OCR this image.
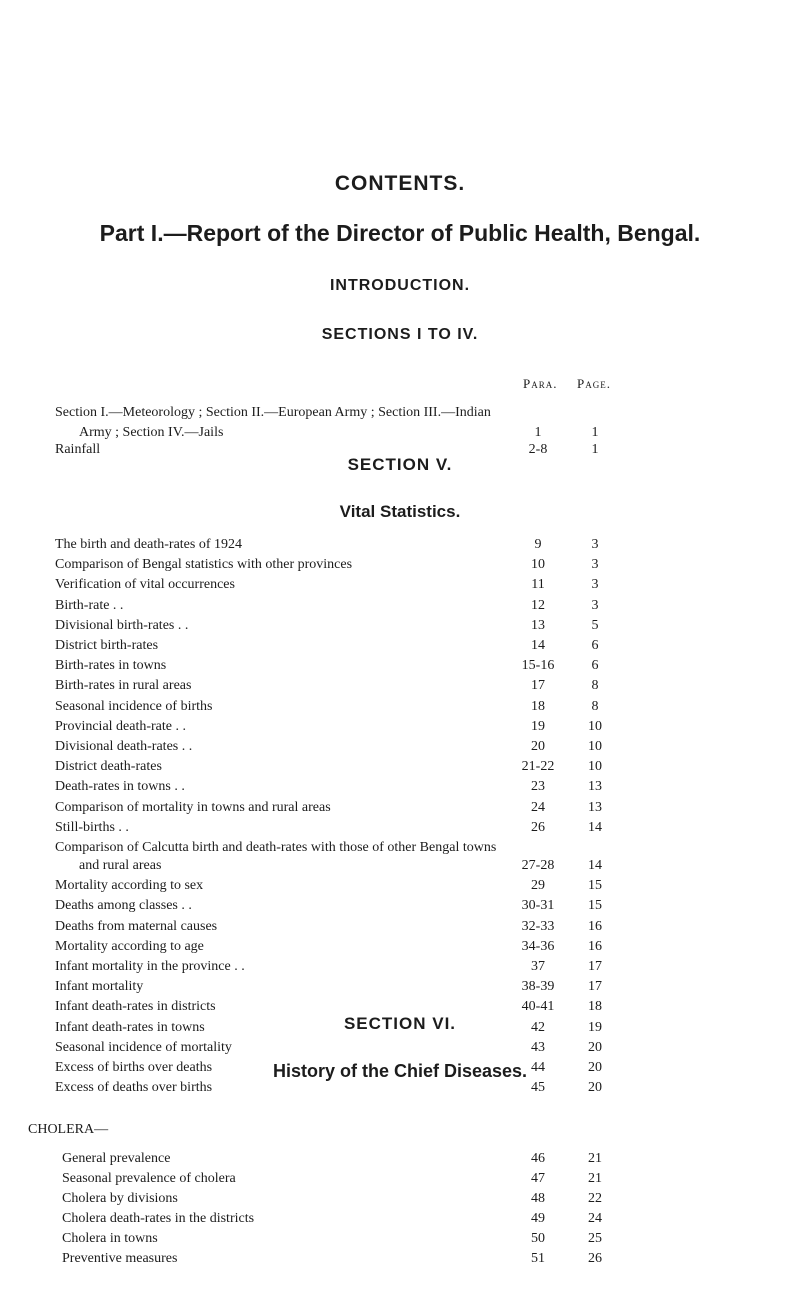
CONTENTS.
Part I.—Report of the Director of Public Health, Bengal.
INTRODUCTION.
SECTIONS I TO IV.
Para. Page.
Section I.—Meteorology ; Section II.—European Army ; Section III.—Indian
Army ; Section IV.—Jails	1	1
Rainfall	2-8	1
SECTION V.
Vital Statistics.
The birth and death-rates of 1924	9	3
Comparison of Bengal statistics with other provinces	10	3
Verification of vital occurrences	11	3
Birth-rate . .	12	3
Divisional birth-rates . .	13	5
District birth-rates	14	6
Birth-rates in towns	15-16	6
Birth-rates in rural areas	17	8
Seasonal incidence of births	18	8
Provincial death-rate . .	19	10
Divisional death-rates . .	20	10
District death-rates	21-22	10
Death-rates in towns . .	23	13
Comparison of mortality in towns and rural areas	24	13
Still-births . .	26	14
Comparison of Calcutta birth and death-rates with those of other Bengal towns
and rural areas	27-28	14
Mortality according to sex	29	15
Deaths among classes . .	30-31	15
Deaths from maternal causes	32-33	16
Mortality according to age	34-36	16
Infant mortality in the province . .	37	17
Infant mortality	38-39	17
Infant death-rates in districts	40-41	18
Infant death-rates in towns	42	19
Seasonal incidence of mortality	43	20
Excess of births over deaths	44	20
Excess of deaths over births	45	20
SECTION VI.
History of the Chief Diseases.
CHOLERA—
General prevalence	46	21
Seasonal prevalence of cholera	47	21
Cholera by divisions	48	22
Cholera death-rates in the districts	49	24
Cholera in towns	50	25
Preventive measures	51	26
